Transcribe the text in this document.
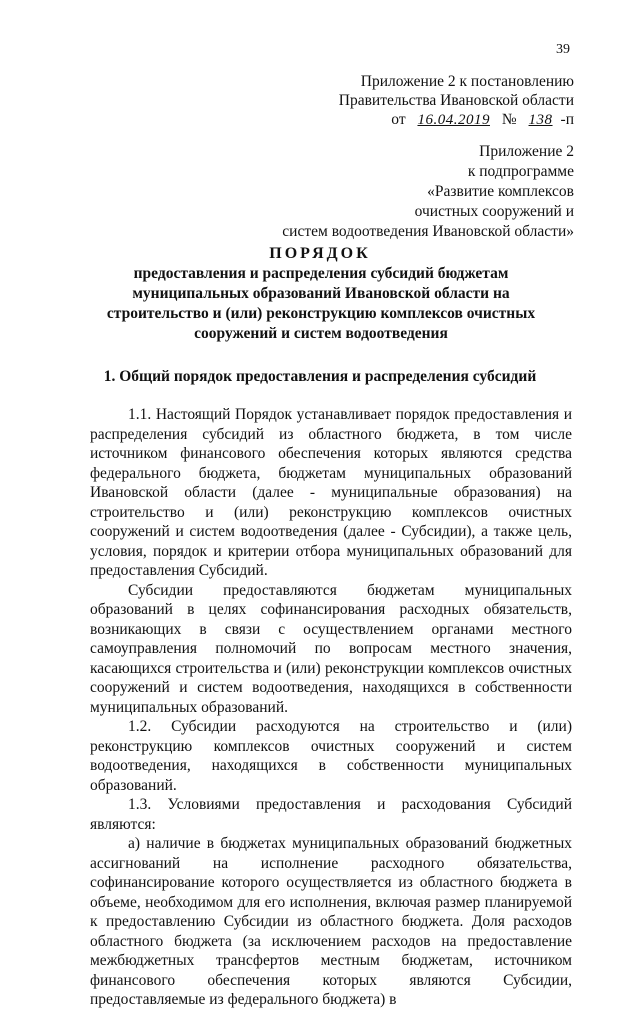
39
Приложение 2 к постановлению
Правительства Ивановской области
от 16.04.2019 № 138 -п
Приложение 2
к подпрограмме
«Развитие комплексов
очистных сооружений и
систем водоотведения Ивановской области»
ПОРЯДОК
предоставления и распределения субсидий бюджетам муниципальных образований Ивановской области на строительство и (или) реконструкцию комплексов очистных сооружений и систем водоотведения
1. Общий порядок предоставления и распределения субсидий

1.1. Настоящий Порядок устанавливает порядок предоставления и распределения субсидий из областного бюджета, в том числе источником финансового обеспечения которых являются средства федерального бюджета, бюджетам муниципальных образований Ивановской области (далее - муниципальные образования) на строительство и (или) реконструкцию комплексов очистных сооружений и систем водоотведения (далее - Субсидии), а также цель, условия, порядок и критерии отбора муниципальных образований для предоставления Субсидий.

Субсидии предоставляются бюджетам муниципальных образований в целях софинансирования расходных обязательств, возникающих в связи с осуществлением органами местного самоуправления полномочий по вопросам местного значения, касающихся строительства и (или) реконструкции комплексов очистных сооружений и систем водоотведения, находящихся в собственности муниципальных образований.

1.2. Субсидии расходуются на строительство и (или) реконструкцию комплексов очистных сооружений и систем водоотведения, находящихся в собственности муниципальных образований.

1.3. Условиями предоставления и расходования Субсидий являются:

а) наличие в бюджетах муниципальных образований бюджетных ассигнований на исполнение расходного обязательства, софинансирование которого осуществляется из областного бюджета в объеме, необходимом для его исполнения, включая размер планируемой к предоставлению Субсидии из областного бюджета. Доля расходов областного бюджета (за исключением расходов на предоставление межбюджетных трансфертов местным бюджетам, источником финансового обеспечения которых являются Субсидии, предоставляемые из федерального бюджета) в
